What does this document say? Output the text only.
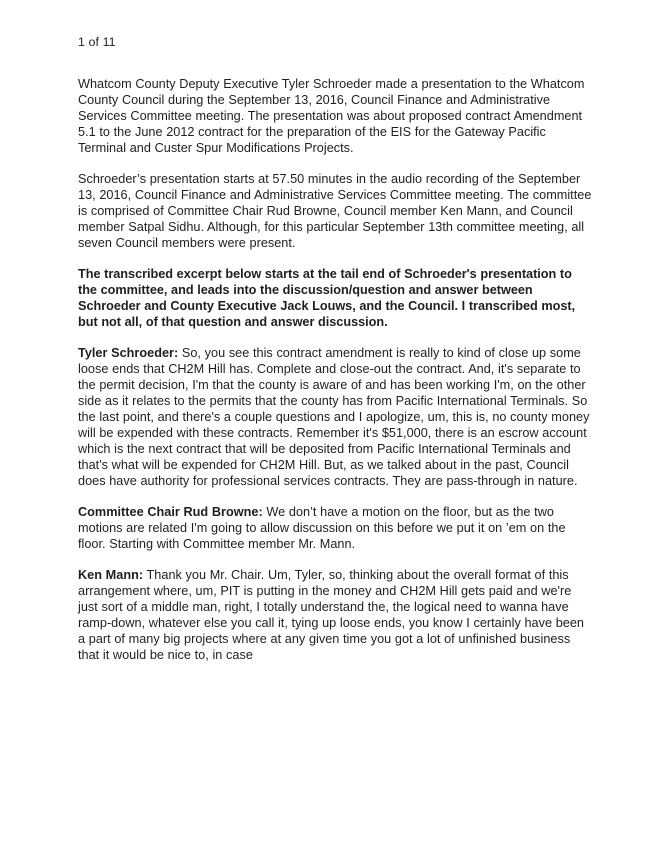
1 of 11

Whatcom County Deputy Executive Tyler Schroeder made a presentation to the Whatcom County Council during the September 13, 2016, Council Finance and Administrative Services Committee meeting. The presentation was about proposed contract Amendment 5.1 to the June 2012 contract for the preparation of the EIS for the Gateway Pacific Terminal and Custer Spur Modifications Projects.

Schroeder’s presentation starts at 57.50 minutes in the audio recording of the September 13, 2016, Council Finance and Administrative Services Committee meeting. The committee is comprised of Committee Chair Rud Browne, Council member Ken Mann, and Council member Satpal Sidhu. Although, for this particular September 13th committee meeting, all seven Council members were present.

The transcribed excerpt below starts at the tail end of Schroeder's presentation to the committee, and leads into the discussion/question and answer between Schroeder and County Executive Jack Louws, and the Council. I transcribed most, but not all, of that question and answer discussion.

Tyler Schroeder: So, you see this contract amendment is really to kind of close up some loose ends that CH2M Hill has. Complete and close-out the contract. And, it's separate to the permit decision, I'm that the county is aware of and has been working I'm, on the other side as it relates to the permits that the county has from Pacific International Terminals. So the last point, and there's a couple questions and I apologize, um, this is, no county money will be expended with these contracts. Remember it's $51,000, there is an escrow account which is the next contract that will be deposited from Pacific International Terminals and that's what will be expended for CH2M Hill. But, as we talked about in the past, Council does have authority for professional services contracts. They are pass-through in nature.

Committee Chair Rud Browne: We don’t have a motion on the floor, but as the two motions are related I'm going to allow discussion on this before we put it on ’em on the floor. Starting with Committee member Mr. Mann.

Ken Mann: Thank you Mr. Chair. Um, Tyler, so, thinking about the overall format of this arrangement where, um, PIT is putting in the money and CH2M Hill gets paid and we're just sort of a middle man, right, I totally understand the, the logical need to wanna have ramp-down, whatever else you call it, tying up loose ends, you know I certainly have been a part of many big projects where at any given time you got a lot of unfinished business that it would be nice to, in case
